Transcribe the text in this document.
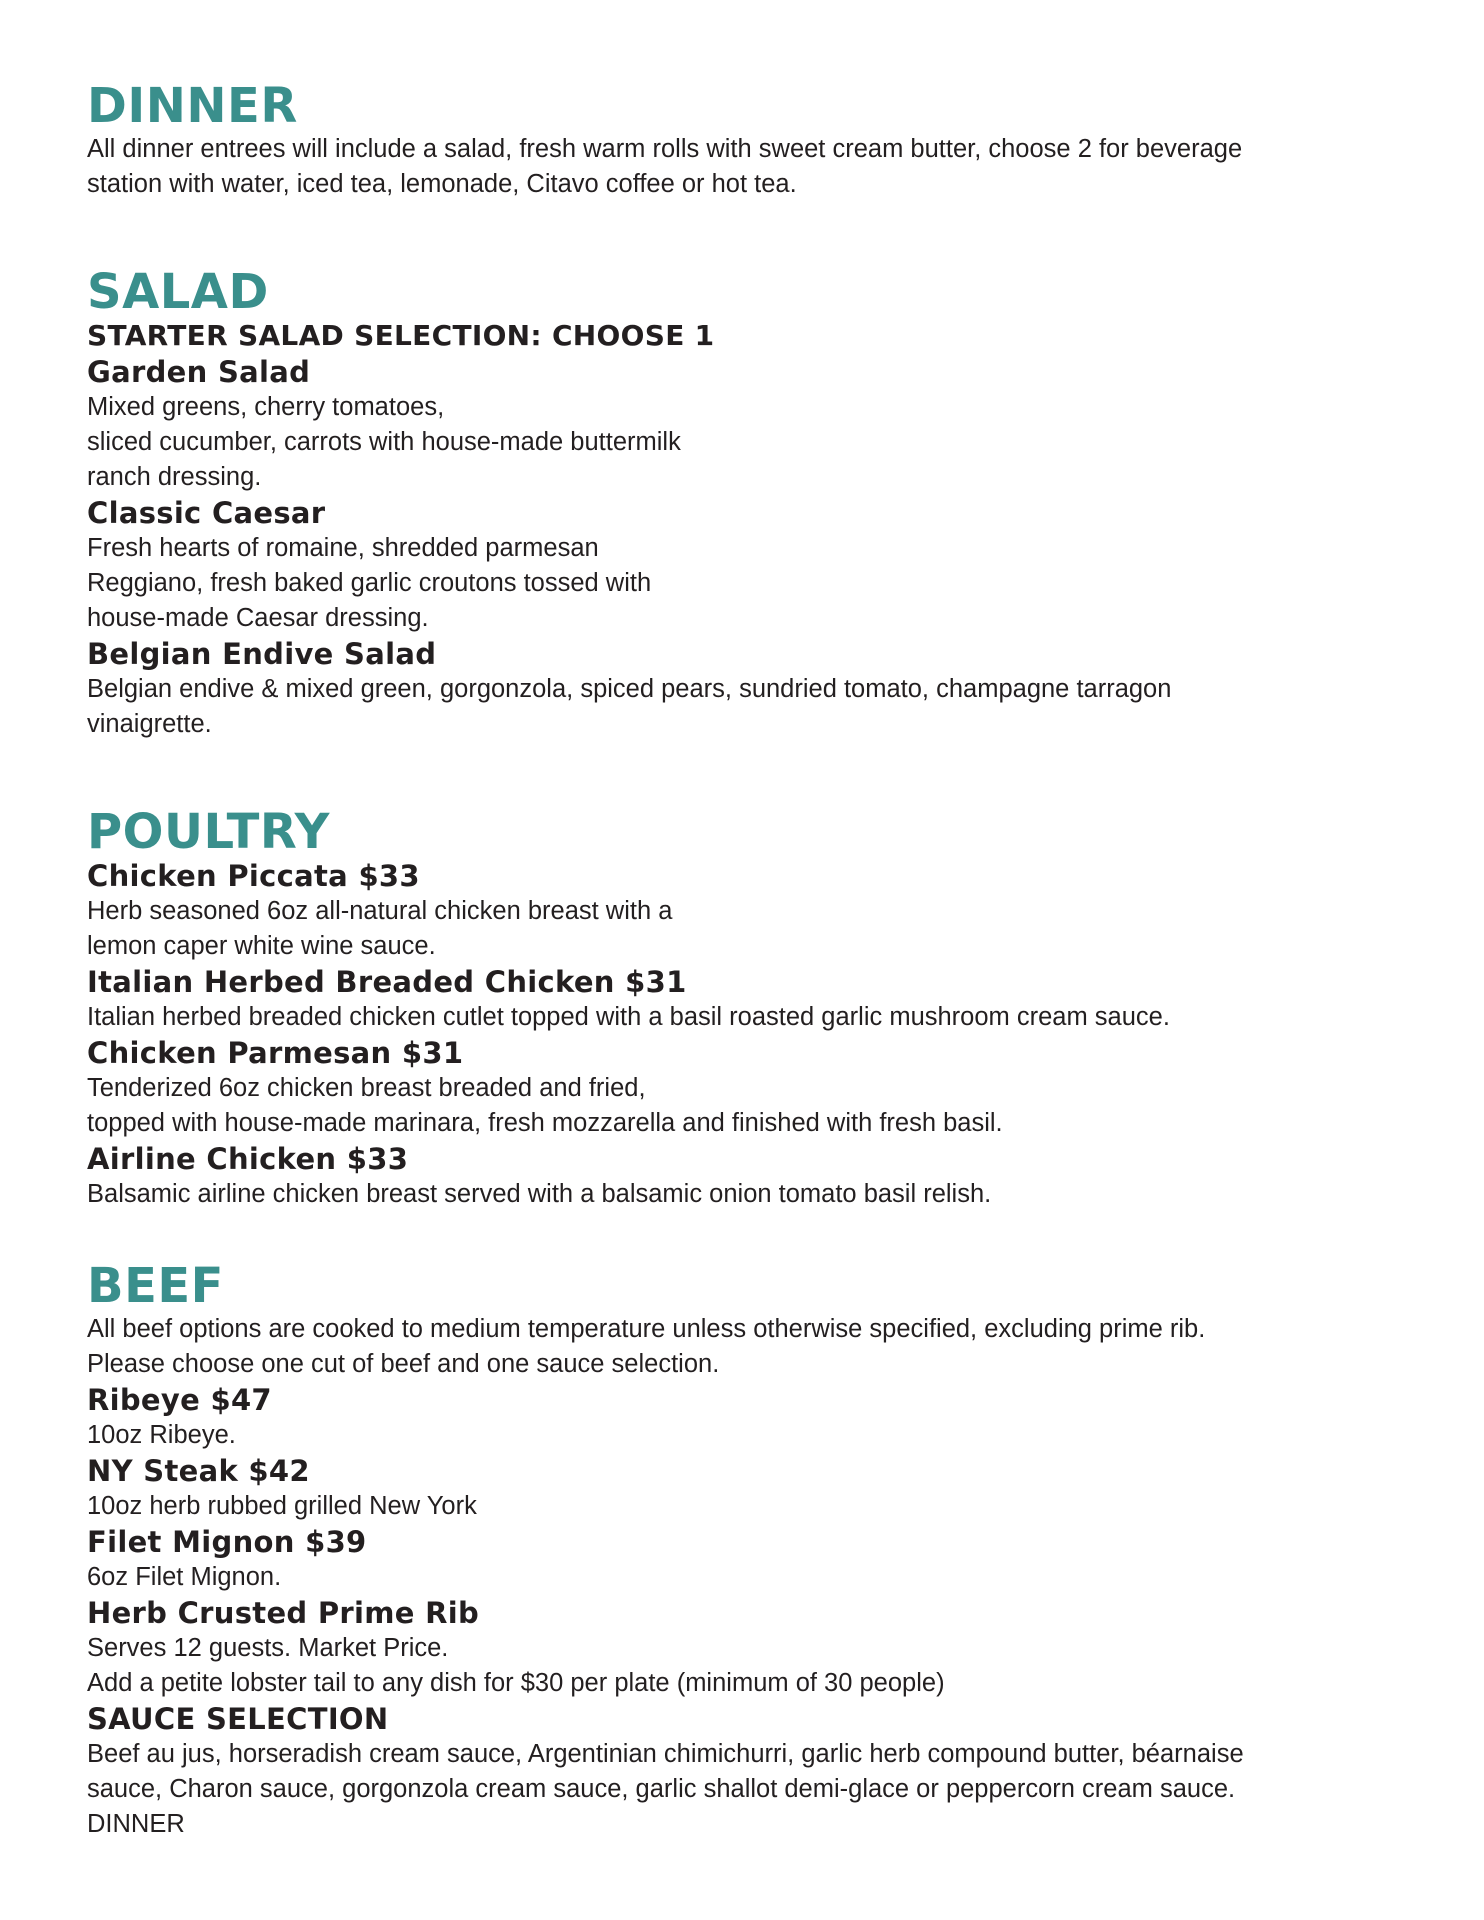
DINNER

All dinner entrees will include a salad, fresh warm rolls with sweet cream butter, choose 2 for beverage
station with water, iced tea, lemonade, Citavo coffee or hot tea.

SALAD
STARTER SALAD SELECTION: CHOOSE 1
Garden Salad

Mixed greens, cherry tomatoes,
sliced cucumber, carrots with house-made buttermilk
ranch dressing.

Classic Caesar

Fresh hearts of romaine, shredded parmesan
Reggiano, fresh baked garlic croutons tossed with
house-made Caesar dressing.

Belgian Endive Salad

Belgian endive & mixed green, gorgonzola, spiced pears, sundried tomato, champagne tarragon
vinaigrette.

POULTRY
Chicken Piccata $33

Herb seasoned 6oz all-natural chicken breast with a
lemon caper white wine sauce.

Italian Herbed Breaded Chicken $31

Italian herbed breaded chicken cutlet topped with a basil roasted garlic mushroom cream sauce.

Chicken Parmesan $31

Tenderized 6oz chicken breast breaded and fried,
topped with house-made marinara, fresh mozzarella and finished with fresh basil.

Airline Chicken $33

Balsamic airline chicken breast served with a balsamic onion tomato basil relish.

BEEF

All beef options are cooked to medium temperature unless otherwise specified, excluding prime rib.
Please choose one cut of beef and one sauce selection.

Ribeye $47

10oz Ribeye.

NY Steak $42

10oz herb rubbed grilled New York

Filet Mignon $39

6oz Filet Mignon.

Herb Crusted Prime Rib

Serves 12 guests. Market Price.
Add a petite lobster tail to any dish for $30 per plate (minimum of 30 people)

SAUCE SELECTION

Beef au jus, horseradish cream sauce, Argentinian chimichurri, garlic herb compound butter, béarnaise
sauce, Charon sauce, gorgonzola cream sauce, garlic shallot demi-glace or peppercorn cream sauce.

DINNER
